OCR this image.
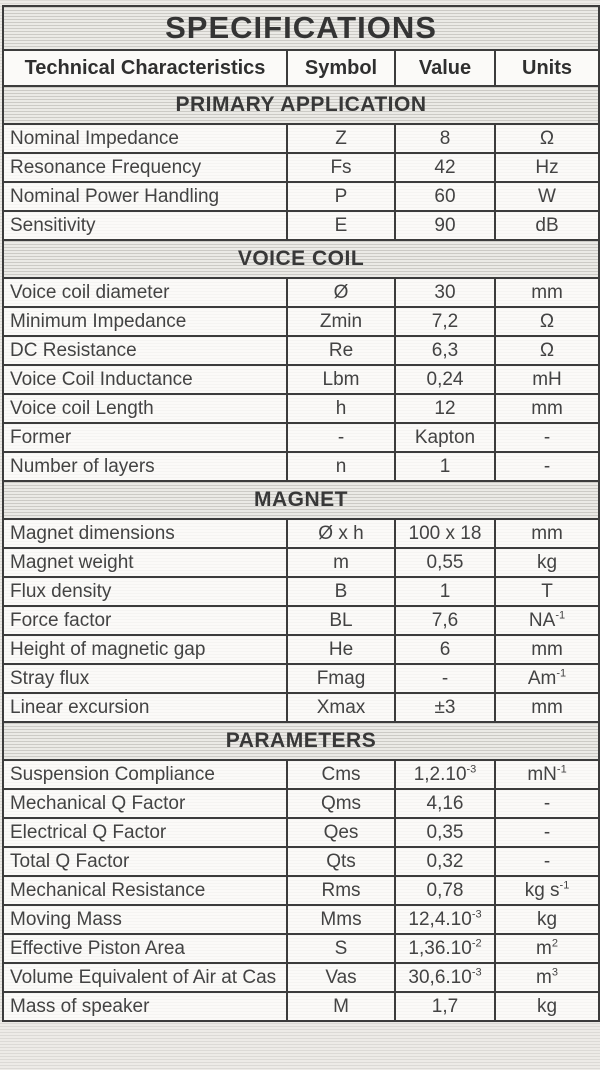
SPECIFICATIONS			
Technical Characteristics	Symbol	Value	Units
PRIMARY APPLICATION			
Nominal Impedance	Z	8	Ω
Resonance Frequency	Fs	42	Hz
Nominal Power Handling	P	60	W
Sensitivity	E	90	dB
VOICE COIL			
Voice coil diameter	Ø	30	mm
Minimum Impedance	Zmin	7,2	Ω
DC Resistance	Re	6,3	Ω
Voice Coil Inductance	Lbm	0,24	mH
Voice coil Length	h	12	mm
Former	-	Kapton	-
Number of layers	n	1	-
MAGNET			
Magnet dimensions	Ø x h	100 x 18	mm
Magnet weight	m	0,55	kg
Flux density	B	1	T
Force factor	BL	7,6	$NA^{-1}$
Height of magnetic gap	He	6	mm
Stray flux	Fmag	-	$Am^{-1}$
Linear excursion	Xmax	±3	mm
PARAMETERS			
Suspension Compliance	Cms	$1,2.10^{-3}$	$mN^{-1}$
Mechanical Q Factor	Qms	4,16	-
Electrical Q Factor	Qes	0,35	-
Total Q Factor	Qts	0,32	-
Mechanical Resistance	Rms	0,78	kg $s^{-1}$
Moving Mass	Mms	$12,4.10^{-3}$	kg
Effective Piston Area	S	$1,36.10^{-2}$	$m^2$
Volume Equivalent of Air at Cas	Vas	$30,6.10^{-3}$	$m^3$
Mass of speaker	M	1,7	kg
